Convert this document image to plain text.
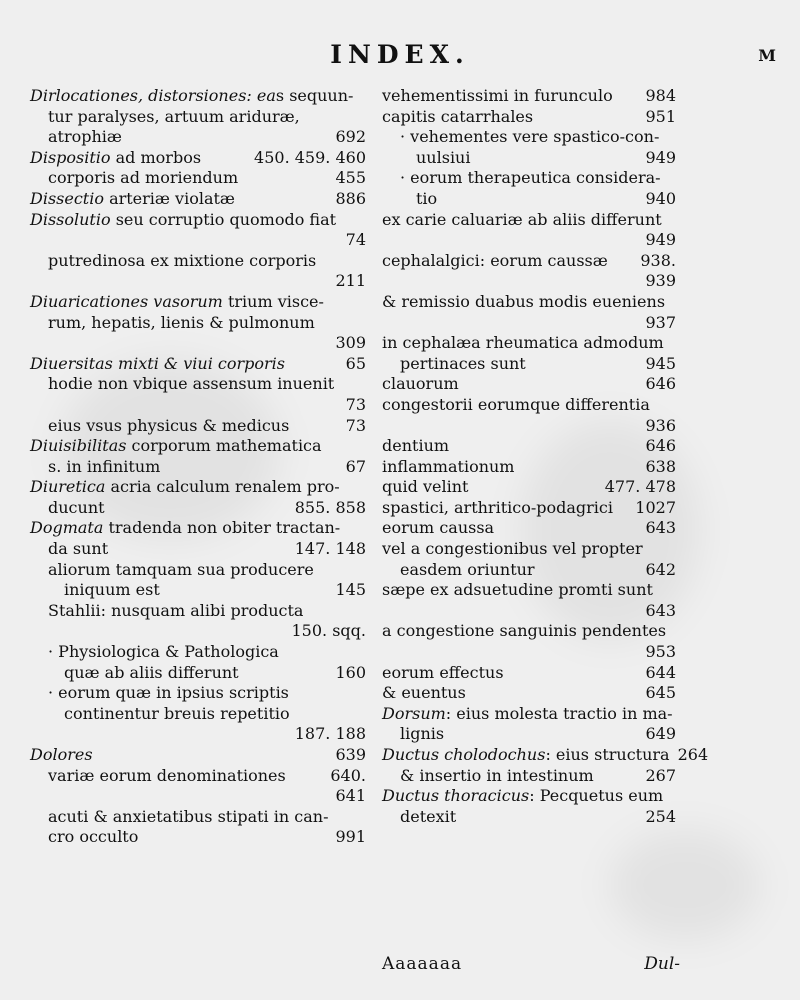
INDEX.	M
Dirlocationes, distorsiones: eas sequun-
tur paralyses, artuum ariduræ,
atrophiæ	692
Dispositio ad morbos	450. 459. 460
corporis ad moriendum	455
Dissectio arteriæ violatæ	886
Dissolutio seu corruptio quomodo fiat
74
putredinosa ex mixtione corporis
211
Diuaricationes vasorum trium visce-
rum, hepatis, lienis & pulmonum
309
Diuersitas mixti & viui corporis	65
hodie non vbique assensum inuenit
73
eius vsus physicus & medicus	73
Diuisibilitas corporum mathematica
s. in infinitum	67
Diuretica acria calculum renalem pro-
ducunt	855. 858
Dogmata tradenda non obiter tractan-
da sunt	147. 148
aliorum tamquam sua producere
iniquum est	145
Stahlii: nusquam alibi producta
150. sqq.
· Physiologica & Pathologica
quæ ab aliis differunt	160
· eorum quæ in ipsius scriptis
continentur breuis repetitio
187. 188
Dolores	639
variæ eorum denominationes	640.
641
acuti & anxietatibus stipati in can-
cro occulto	991
vehementissimi in furunculo 984
capitis catarrhales	951
· vehementes vere spastico-con-
uulsiui	949
· eorum therapeutica considera-
tio	940
ex carie caluariæ ab aliis differunt
949
cephalalgici: eorum caussæ 938.
939
& remissio duabus modis eueniens
937
in cephalæa rheumatica admodum
pertinaces sunt	945
clauorum	646
congestorii eorumque differentia
936
dentium	646
inflammationum	638
quid velint	477. 478
spastici, arthritico-podagrici 1027
eorum caussa	643
vel a congestionibus vel propter
easdem oriuntur	642
sæpe ex adsuetudine promti sunt
643
a congestione sanguinis pendentes
953
eorum effectus	644
& euentus	645
Dorsum: eius molesta tractio in ma-
lignis	649
Ductus cholodochus: eius structura 264
& insertio in intestinum	267
Ductus thoracicus: Pecquetus eum
detexit	254
Aaaaaaa	Dul-
